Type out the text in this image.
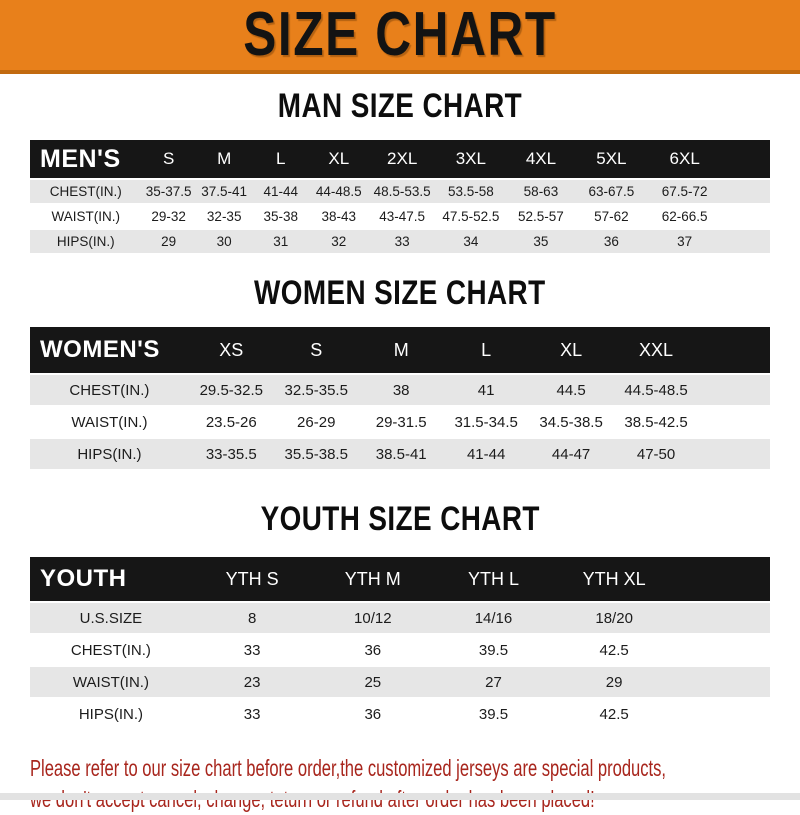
SIZE CHART
MAN SIZE CHART
MEN'S	S	M	L	XL	2XL	3XL	4XL	5XL	6XL	
CHEST(IN.)	35-37.5	37.5-41	41-44	44-48.5	48.5-53.5	53.5-58	58-63	63-67.5	67.5-72	
WAIST(IN.)	29-32	32-35	35-38	38-43	43-47.5	47.5-52.5	52.5-57	57-62	62-66.5	
HIPS(IN.)	29	30	31	32	33	34	35	36	37	
WOMEN SIZE CHART
WOMEN'S	XS	S	M	L	XL	XXL	
CHEST(IN.)	29.5-32.5	32.5-35.5	38	41	44.5	44.5-48.5	
WAIST(IN.)	23.5-26	26-29	29-31.5	31.5-34.5	34.5-38.5	38.5-42.5	
HIPS(IN.)	33-35.5	35.5-38.5	38.5-41	41-44	44-47	47-50	
YOUTH SIZE CHART
YOUTH	YTH S	YTH M	YTH L	YTH XL	
U.S.SIZE	8	10/12	14/16	18/20	
CHEST(IN.)	33	36	39.5	42.5	
WAIST(IN.)	23	25	27	29	
HIPS(IN.)	33	36	39.5	42.5	
Please refer to our size chart before order,the customized jerseys are special products,
